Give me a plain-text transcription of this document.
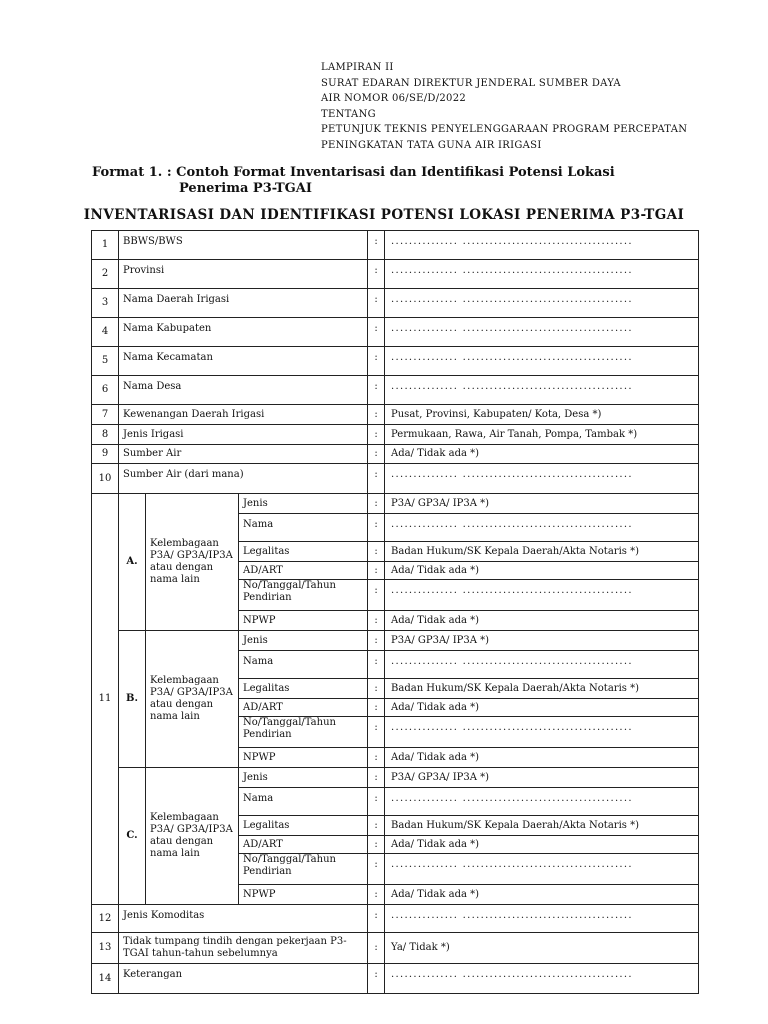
LAMPIRAN II
SURAT EDARAN DIREKTUR JENDERAL SUMBER DAYA
AIR NOMOR 06/SE/D/2022
TENTANG
PETUNJUK TEKNIS PENYELENGGARAAN PROGRAM PERCEPATAN
PENINGKATAN TATA GUNA AIR IRIGASI
Format 1. : Contoh Format Inventarisasi dan Identifikasi Potensi Lokasi
Penerima P3-TGAI
INVENTARISASI DAN IDENTIFIKASI POTENSI LOKASI PENERIMA P3-TGAI
1	BBWS/BWS			:	............... ......................................
2	Provinsi			:	............... ......................................
3	Nama Daerah Irigasi			:	............... ......................................
4	Nama Kabupaten			:	............... ......................................
5	Nama Kecamatan			:	............... ......................................
6	Nama Desa			:	............... ......................................
7	Kewenangan Daerah Irigasi			:	Pusat, Provinsi, Kabupaten/ Kota, Desa *)
8	Jenis Irigasi			:	Permukaan, Rawa, Air Tanah, Pompa, Tambak *)
9	Sumber Air			:	Ada/ Tidak ada *)
10	Sumber Air (dari mana)			:	............... ......................................
11	A.	Kelembagaan P3A/ GP3A/IP3A atau dengan nama lain	Jenis	:	P3A/ GP3A/ IP3A *)
			Nama	:	............... ......................................
			Legalitas	:	Badan Hukum/SK Kepala Daerah/Akta Notaris *)
			AD/ART	:	Ada/ Tidak ada *)
			No/Tanggal/Tahun Pendirian	:	............... ......................................
			NPWP	:	Ada/ Tidak ada *)
	B.	Kelembagaan P3A/ GP3A/IP3A atau dengan nama lain	Jenis	:	P3A/ GP3A/ IP3A *)
			Nama	:	............... ......................................
			Legalitas	:	Badan Hukum/SK Kepala Daerah/Akta Notaris *)
			AD/ART	:	Ada/ Tidak ada *)
			No/Tanggal/Tahun Pendirian	:	............... ......................................
			NPWP	:	Ada/ Tidak ada *)
	C.	Kelembagaan P3A/ GP3A/IP3A atau dengan nama lain	Jenis	:	P3A/ GP3A/ IP3A *)
			Nama	:	............... ......................................
			Legalitas	:	Badan Hukum/SK Kepala Daerah/Akta Notaris *)
			AD/ART	:	Ada/ Tidak ada *)
			No/Tanggal/Tahun Pendirian	:	............... ......................................
			NPWP	:	Ada/ Tidak ada *)
12	Jenis Komoditas			:	............... ......................................
13	Tidak tumpang tindih dengan pekerjaan P3-TGAI tahun-tahun sebelumnya			:	Ya/ Tidak *)
14	Keterangan			:	............... ......................................
